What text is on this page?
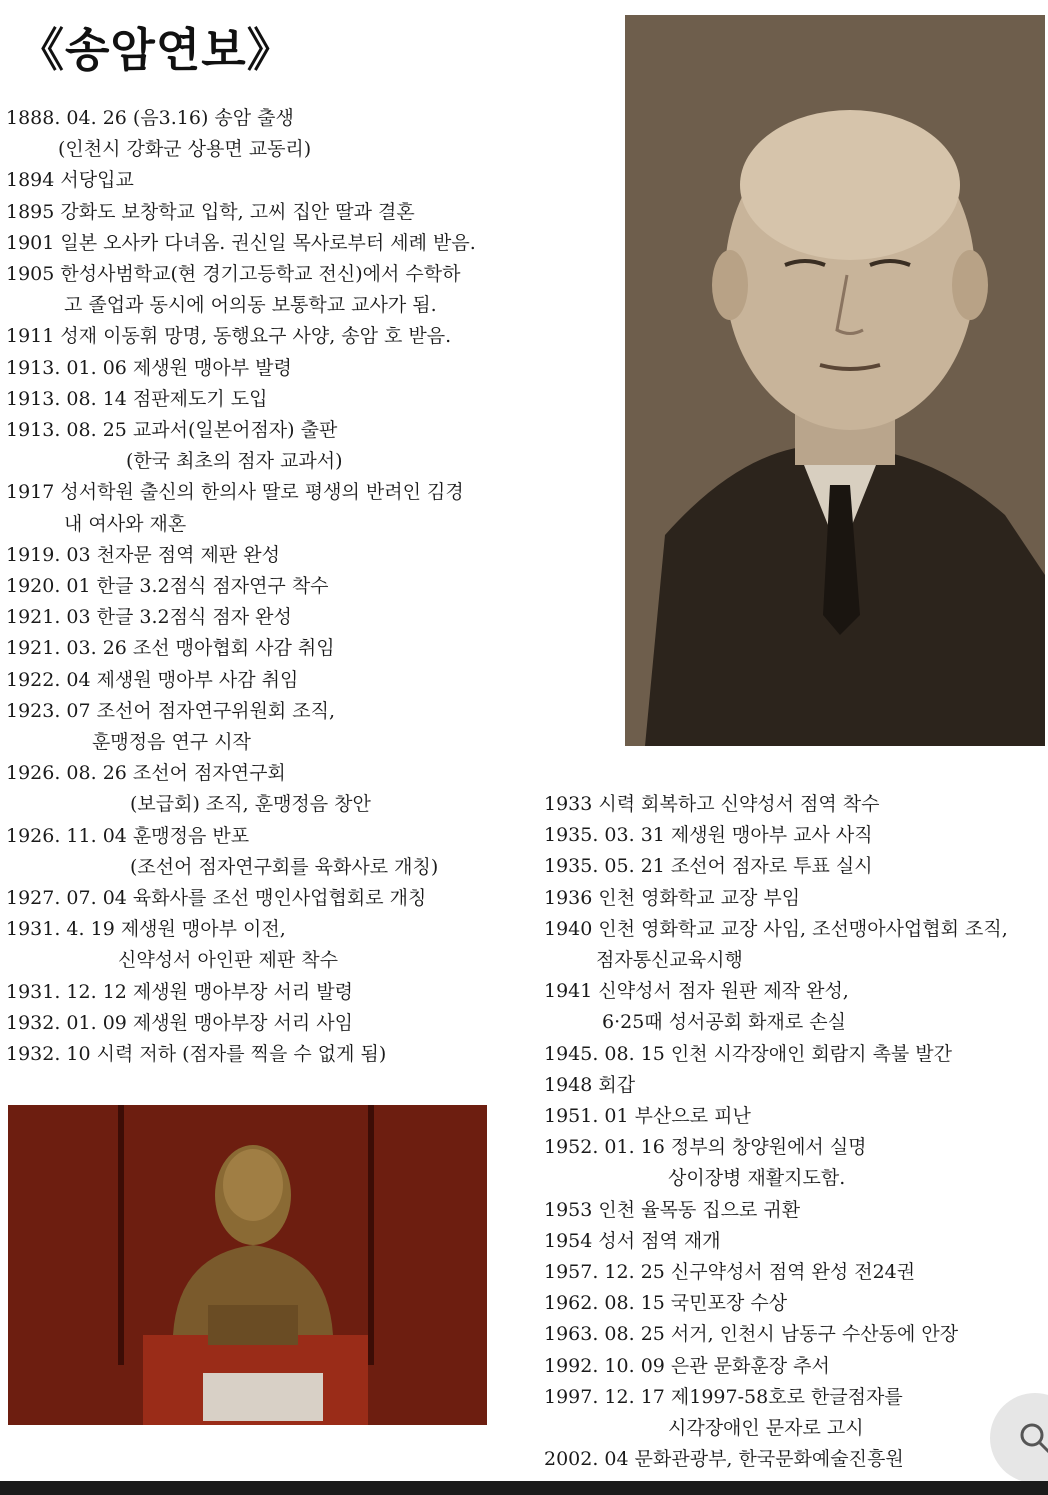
《송암연보》
1888. 04. 26 (음3.16) 송암 출생
(인천시 강화군 상용면 교동리)
1894 서당입교
1895 강화도 보창학교 입학, 고씨 집안 딸과 결혼
1901 일본 오사카 다녀옴. 권신일 목사로부터 세례 받음.
1905 한성사범학교(현 경기고등학교 전신)에서 수학하
고 졸업과 동시에 어의동 보통학교 교사가 됨.
1911 성재 이동휘 망명, 동행요구 사양, 송암 호 받음.
1913. 01. 06 제생원 맹아부 발령
1913. 08. 14 점판제도기 도입
1913. 08. 25 교과서(일본어점자) 출판
(한국 최초의 점자 교과서)
1917 성서학원 출신의 한의사 딸로 평생의 반려인 김경
내 여사와 재혼
1919. 03 천자문 점역 제판 완성
1920. 01 한글 3.2점식 점자연구 착수
1921. 03 한글 3.2점식 점자 완성
1921. 03. 26 조선 맹아협회 사감 취임
1922. 04 제생원 맹아부 사감 취임
1923. 07 조선어 점자연구위원회 조직,
훈맹정음 연구 시작
1926. 08. 26 조선어 점자연구회
(보급회) 조직, 훈맹정음 창안
1926. 11. 04 훈맹정음 반포
(조선어 점자연구회를 육화사로 개칭)
1927. 07. 04 육화사를 조선 맹인사업협회로 개칭
1931. 4. 19 제생원 맹아부 이전,
신약성서 아인판 제판 착수
1931. 12. 12 제생원 맹아부장 서리 발령
1932. 01. 09 제생원 맹아부장 서리 사임
1932. 10 시력 저하 (점자를 찍을 수 없게 됨)
1933 시력 회복하고 신약성서 점역 착수
1935. 03. 31 제생원 맹아부 교사 사직
1935. 05. 21 조선어 점자로 투표 실시
1936 인천 영화학교 교장 부임
1940 인천 영화학교 교장 사임, 조선맹아사업협회 조직,
점자통신교육시행
1941 신약성서 점자 원판 제작 완성,
6·25때 성서공회 화재로 손실
1945. 08. 15 인천 시각장애인 회람지 촉불 발간
1948 회갑
1951. 01 부산으로 피난
1952. 01. 16 정부의 창양원에서 실명
상이장병 재활지도함.
1953 인천 율목동 집으로 귀환
1954 성서 점역 재개
1957. 12. 25 신구약성서 점역 완성 전24권
1962. 08. 15 국민포장 수상
1963. 08. 25 서거, 인천시 남동구 수산동에 안장
1992. 10. 09 은관 문화훈장 추서
1997. 12. 17 제1997-58호로 한글점자를
시각장애인 문자로 고시
2002. 04 문화관광부, 한국문화예술진흥원
